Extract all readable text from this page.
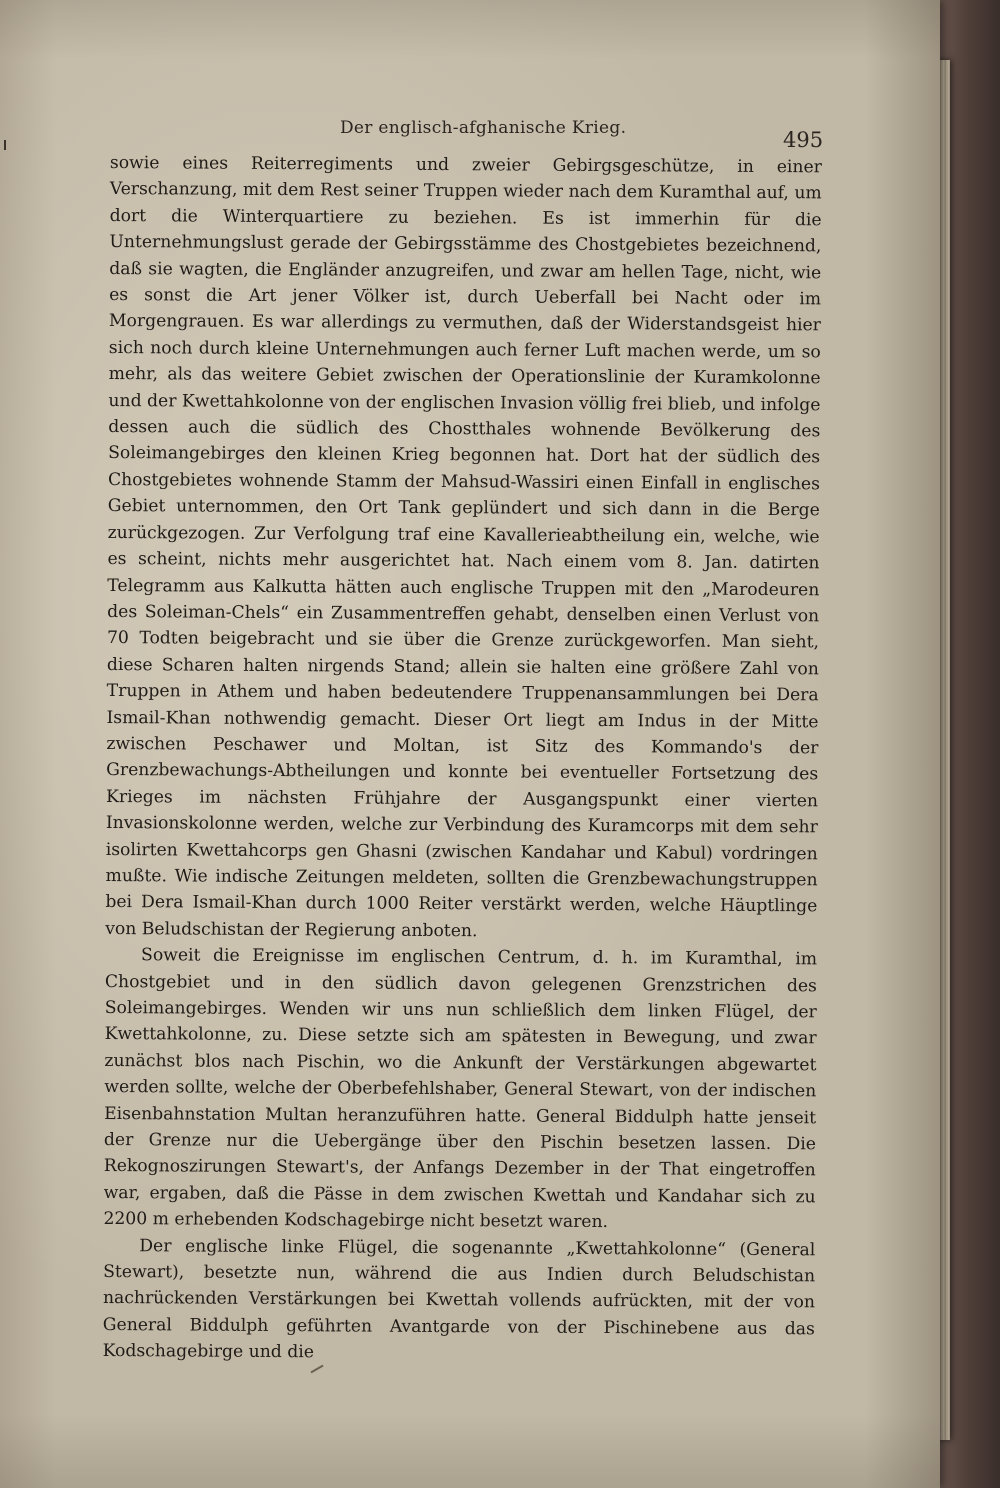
Der englisch-afghanische Krieg.	495

sowie eines Reiterregiments und zweier Gebirgsgeschütze, in einer Verschanzung, mit dem Rest seiner Truppen wieder nach dem Kuramthal auf, um dort die Winterquartiere zu beziehen. Es ist immerhin für die Unternehmungslust gerade der Gebirgsstämme des Chostgebietes bezeichnend, daß sie wagten, die Engländer anzugreifen, und zwar am hellen Tage, nicht, wie es sonst die Art jener Völker ist, durch Ueberfall bei Nacht oder im Morgengrauen. Es war allerdings zu vermuthen, daß der Widerstandsgeist hier sich noch durch kleine Unternehmungen auch ferner Luft machen werde, um so mehr, als das weitere Gebiet zwischen der Operationslinie der Kuramkolonne und der Kwettahkolonne von der englischen Invasion völlig frei blieb, und infolge dessen auch die südlich des Chostthales wohnende Bevölkerung des Soleimangebirges den kleinen Krieg begonnen hat. Dort hat der südlich des Chostgebietes wohnende Stamm der Mahsud-Wassiri einen Einfall in englisches Gebiet unternommen, den Ort Tank geplündert und sich dann in die Berge zurückgezogen. Zur Verfolgung traf eine Kavallerieabtheilung ein, welche, wie es scheint, nichts mehr ausgerichtet hat. Nach einem vom 8. Jan. datirten Telegramm aus Kalkutta hätten auch englische Truppen mit den „Marodeuren des Soleiman-Chels“ ein Zusammentreffen gehabt, denselben einen Verlust von 70 Todten beigebracht und sie über die Grenze zurückgeworfen. Man sieht, diese Scharen halten nirgends Stand; allein sie halten eine größere Zahl von Truppen in Athem und haben bedeutendere Truppenansammlungen bei Dera Ismail-Khan nothwendig gemacht. Dieser Ort liegt am Indus in der Mitte zwischen Peschawer und Moltan, ist Sitz des Kommando's der Grenzbewachungs-Abtheilungen und konnte bei eventueller Fortsetzung des Krieges im nächsten Frühjahre der Ausgangspunkt einer vierten Invasionskolonne werden, welche zur Verbindung des Kuramcorps mit dem sehr isolirten Kwettahcorps gen Ghasni (zwischen Kandahar und Kabul) vordringen mußte. Wie indische Zeitungen meldeten, sollten die Grenzbewachungstruppen bei Dera Ismail-Khan durch 1000 Reiter verstärkt werden, welche Häuptlinge von Beludschistan der Regierung anboten.

Soweit die Ereignisse im englischen Centrum, d. h. im Kuramthal, im Chostgebiet und in den südlich davon gelegenen Grenzstrichen des Soleimangebirges. Wenden wir uns nun schließlich dem linken Flügel, der Kwettahkolonne, zu. Diese setzte sich am spätesten in Bewegung, und zwar zunächst blos nach Pischin, wo die Ankunft der Verstärkungen abgewartet werden sollte, welche der Oberbefehlshaber, General Stewart, von der indischen Eisenbahnstation Multan heranzuführen hatte. General Biddulph hatte jenseit der Grenze nur die Uebergänge über den Pischin besetzen lassen. Die Rekognoszirungen Stewart's, der Anfangs Dezember in der That eingetroffen war, ergaben, daß die Pässe in dem zwischen Kwettah und Kandahar sich zu 2200 m erhebenden Kodschagebirge nicht besetzt waren.

Der englische linke Flügel, die sogenannte „Kwettahkolonne“ (General Stewart), besetzte nun, während die aus Indien durch Beludschistan nachrückenden Verstärkungen bei Kwettah vollends aufrückten, mit der von General Biddulph geführten Avantgarde von der Pischinebene aus das Kodschagebirge und die
